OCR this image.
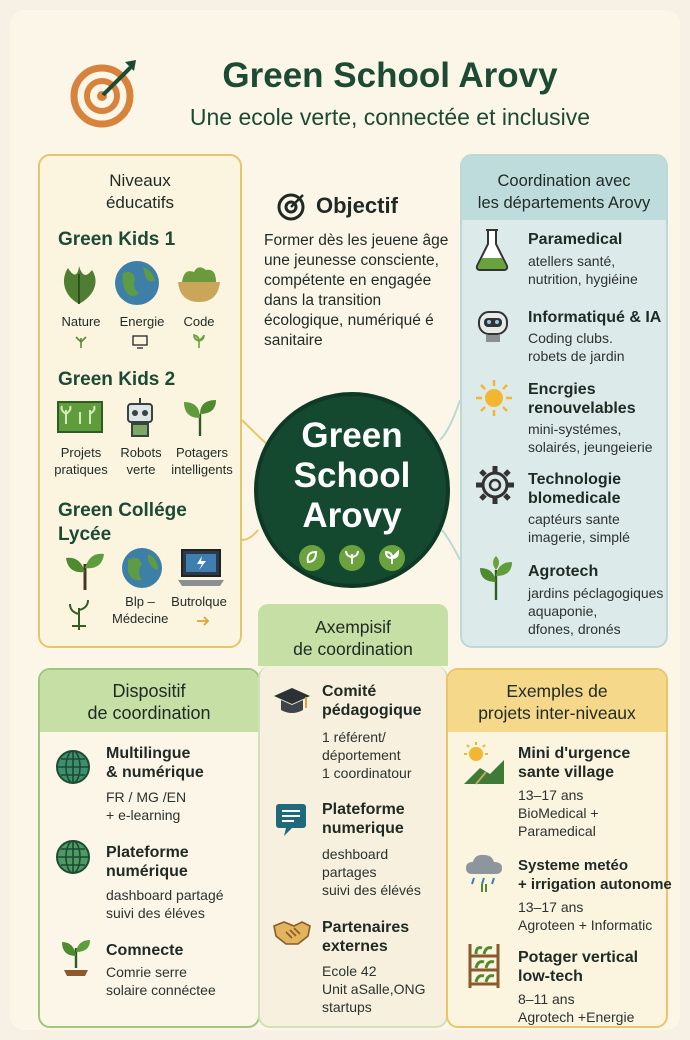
Green School Arovy
Une ecole verte, connectée et inclusive
Niveaux
éducatifs
Green Kids 1
Nature	Energie	Code
Green Kids 2
Projets
pratiques
Robots
verte
Potagers
intelligents
Green Collége
Lycée
Blp –
Médecine
Butrolque
Objectif
Former dès les jeuene âge une jeunesse consciente, compétente en engagée dans la transition écologique, numériqué é sanitaire
Green
School
Arovy
Coordination avec
les départements Arovy
Paramedical
atellers santé,
nutrition, hygiéine
Informatiqué & IA
Coding clubs.
robets de jardin
Encrgies
renouvelables
mini-systémes,
solairés, jeungeierie
Technologie
blomedicale
captéurs sante
imagerie, simplé
Agrotech
jardins péclagogiques
aquaponie,
dfones, dronés
Dispositif
de coordination
Multilingue
& numérique
FR / MG /EN
+ e-learning
Plateforme
numérique
dashboard partagé
suivi des éléves
Comnecte
Comrie serre
solaire connéctee
Axempisif
de coordination
Comité
pédagogique
1 référent/
déportement
1 coordinatour
Plateforme
numerique
deshboard
partages
suivi des élévés
Partenaires
externes
Ecole 42
Unit aSalle,ONG
startups
Exemples de
projets inter-niveaux
Mini d'urgence
sante village
13–17 ans
BioMedical +
Paramedical
Systeme metéo
+ irrigation autonome
13–17 ans
Agroteen + Informatic
Potager vertical
low-tech
8–11 ans
Agrotech +Energie
